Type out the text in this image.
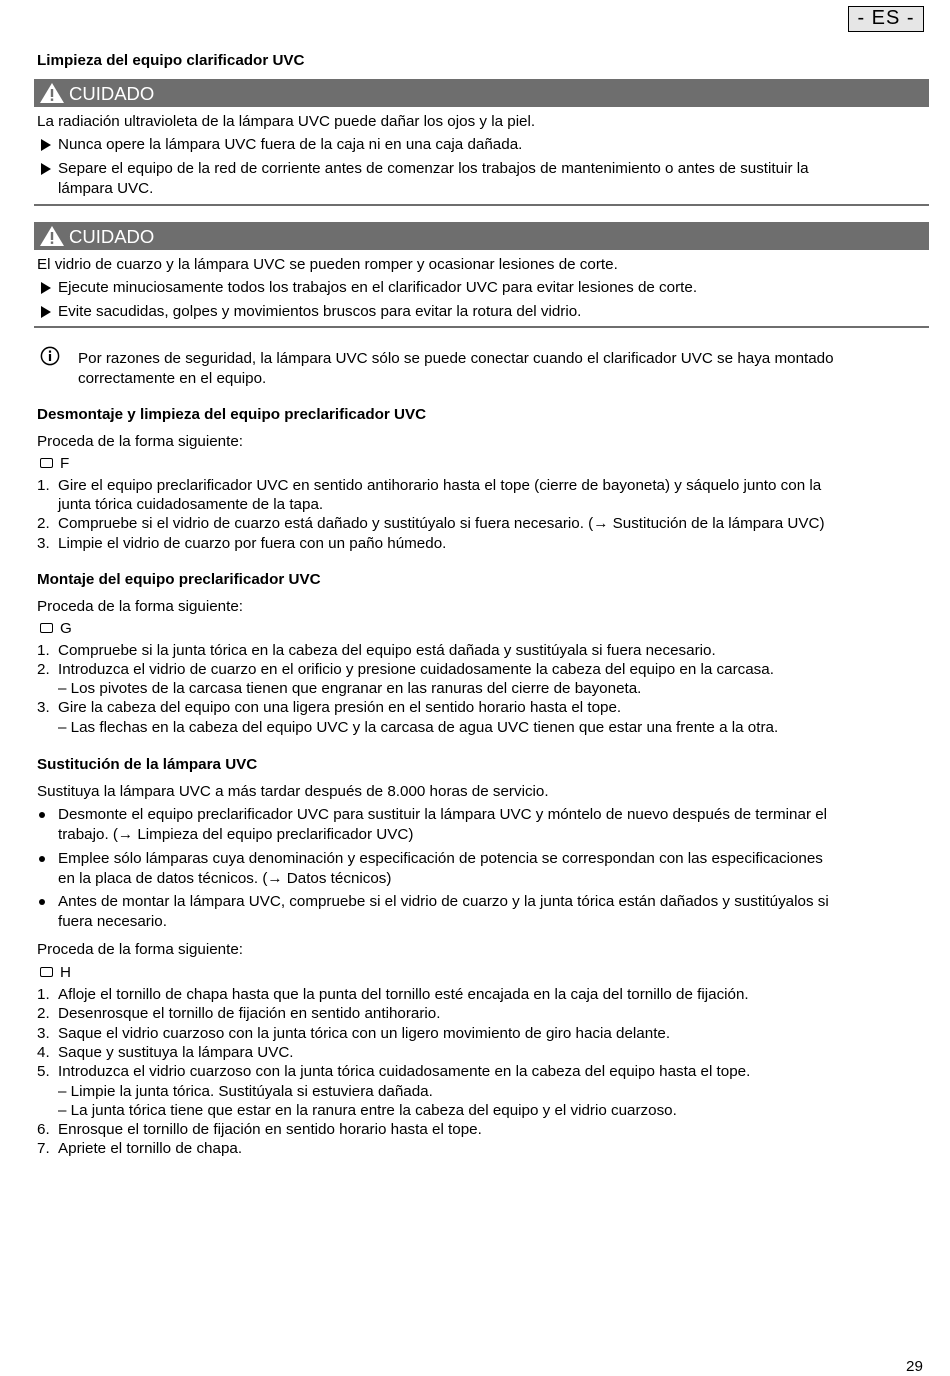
- ES -
Limpieza del equipo clarificador UVC
CUIDADO
La radiación ultravioleta de la lámpara UVC puede dañar los ojos y la piel.
Nunca opere la lámpara UVC fuera de la caja ni en una caja dañada.
Separe el equipo de la red de corriente antes de comenzar los trabajos de mantenimiento o antes de sustituir la
lámpara UVC.
CUIDADO
El vidrio de cuarzo y la lámpara UVC se pueden romper y ocasionar lesiones de corte.
Ejecute minuciosamente todos los trabajos en el clarificador UVC para evitar lesiones de corte.
Evite sacudidas, golpes y movimientos bruscos para evitar la rotura del vidrio.
Por razones de seguridad, la lámpara UVC sólo se puede conectar cuando el clarificador UVC se haya montado
correctamente en el equipo.
Desmontaje y limpieza del equipo preclarificador UVC
Proceda de la forma siguiente:
F
1. Gire el equipo preclarificador UVC en sentido antihorario hasta el tope (cierre de bayoneta) y sáquelo junto con la
junta tórica cuidadosamente de la tapa.
2. Compruebe si el vidrio de cuarzo está dañado y sustitúyalo si fuera necesario. (→ Sustitución de la lámpara UVC)
3. Limpie el vidrio de cuarzo por fuera con un paño húmedo.
Montaje del equipo preclarificador UVC
Proceda de la forma siguiente:
G
1. Compruebe si la junta tórica en la cabeza del equipo está dañada y sustitúyala si fuera necesario.
2. Introduzca el vidrio de cuarzo en el orificio y presione cuidadosamente la cabeza del equipo en la carcasa.
– Los pivotes de la carcasa tienen que engranar en las ranuras del cierre de bayoneta.
3. Gire la cabeza del equipo con una ligera presión en el sentido horario hasta el tope.
– Las flechas en la cabeza del equipo UVC y la carcasa de agua UVC tienen que estar una frente a la otra.
Sustitución de la lámpara UVC
Sustituya la lámpara UVC a más tardar después de 8.000 horas de servicio.
Desmonte el equipo preclarificador UVC para sustituir la lámpara UVC y móntelo de nuevo después de terminar el
trabajo. (→ Limpieza del equipo preclarificador UVC)
Emplee sólo lámparas cuya denominación y especificación de potencia se correspondan con las especificaciones
en la placa de datos técnicos. (→ Datos técnicos)
Antes de montar la lámpara UVC, compruebe si el vidrio de cuarzo y la junta tórica están dañados y sustitúyalos si
fuera necesario.
Proceda de la forma siguiente:
H
1. Afloje el tornillo de chapa hasta que la punta del tornillo esté encajada en la caja del tornillo de fijación.
2. Desenrosque el tornillo de fijación en sentido antihorario.
3. Saque el vidrio cuarzoso con la junta tórica con un ligero movimiento de giro hacia delante.
4. Saque y sustituya la lámpara UVC.
5. Introduzca el vidrio cuarzoso con la junta tórica cuidadosamente en la cabeza del equipo hasta el tope.
– Limpie la junta tórica. Sustitúyala si estuviera dañada.
– La junta tórica tiene que estar en la ranura entre la cabeza del equipo y el vidrio cuarzoso.
6. Enrosque el tornillo de fijación en sentido horario hasta el tope.
7. Apriete el tornillo de chapa.
29
